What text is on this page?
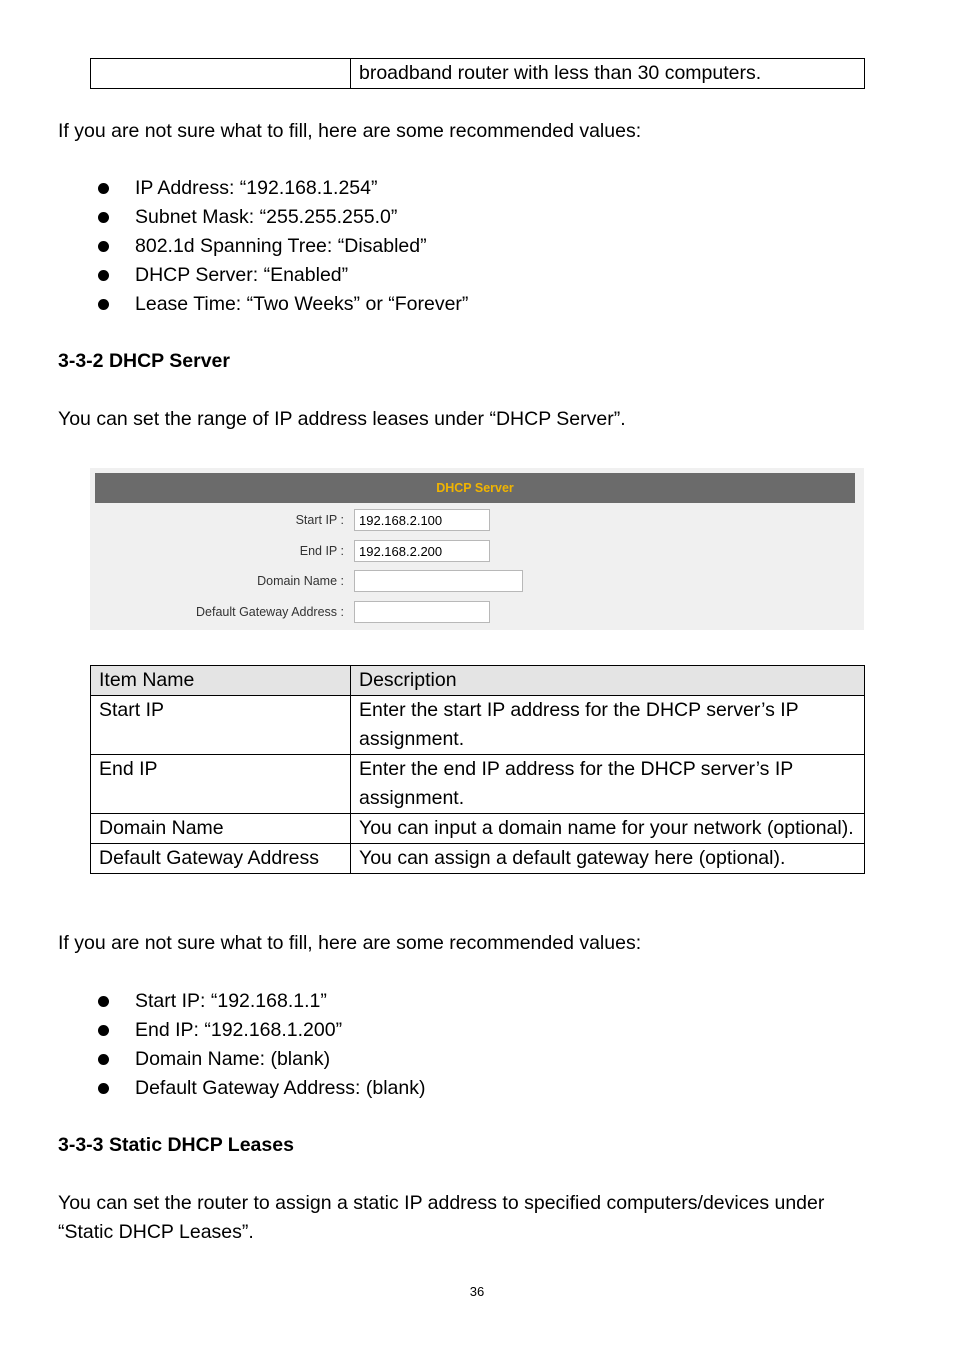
	broadband router with less than 30 computers.
If you are not sure what to fill, here are some recommended values:
IP Address: “192.168.1.254”
Subnet Mask: “255.255.255.0”
802.1d Spanning Tree: “Disabled”
DHCP Server: “Enabled”
Lease Time: “Two Weeks” or “Forever”
3-3-2 DHCP Server
You can set the range of IP address leases under “DHCP Server”.
DHCP Server
Start IP :	192.168.2.100
End IP :	192.168.2.200
Domain Name :
Default Gateway Address :
Item Name	Description
Start IP	Enter the start IP address for the DHCP server’s IP assignment.
End IP	Enter the end IP address for the DHCP server’s IP assignment.
Domain Name	You can input a domain name for your network (optional).
Default Gateway Address	You can assign a default gateway here (optional).
If you are not sure what to fill, here are some recommended values:
Start IP: “192.168.1.1”
End IP: “192.168.1.200”
Domain Name: (blank)
Default Gateway Address: (blank)
3-3-3 Static DHCP Leases
You can set the router to assign a static IP address to specified computers/devices under “Static DHCP Leases”.
36
